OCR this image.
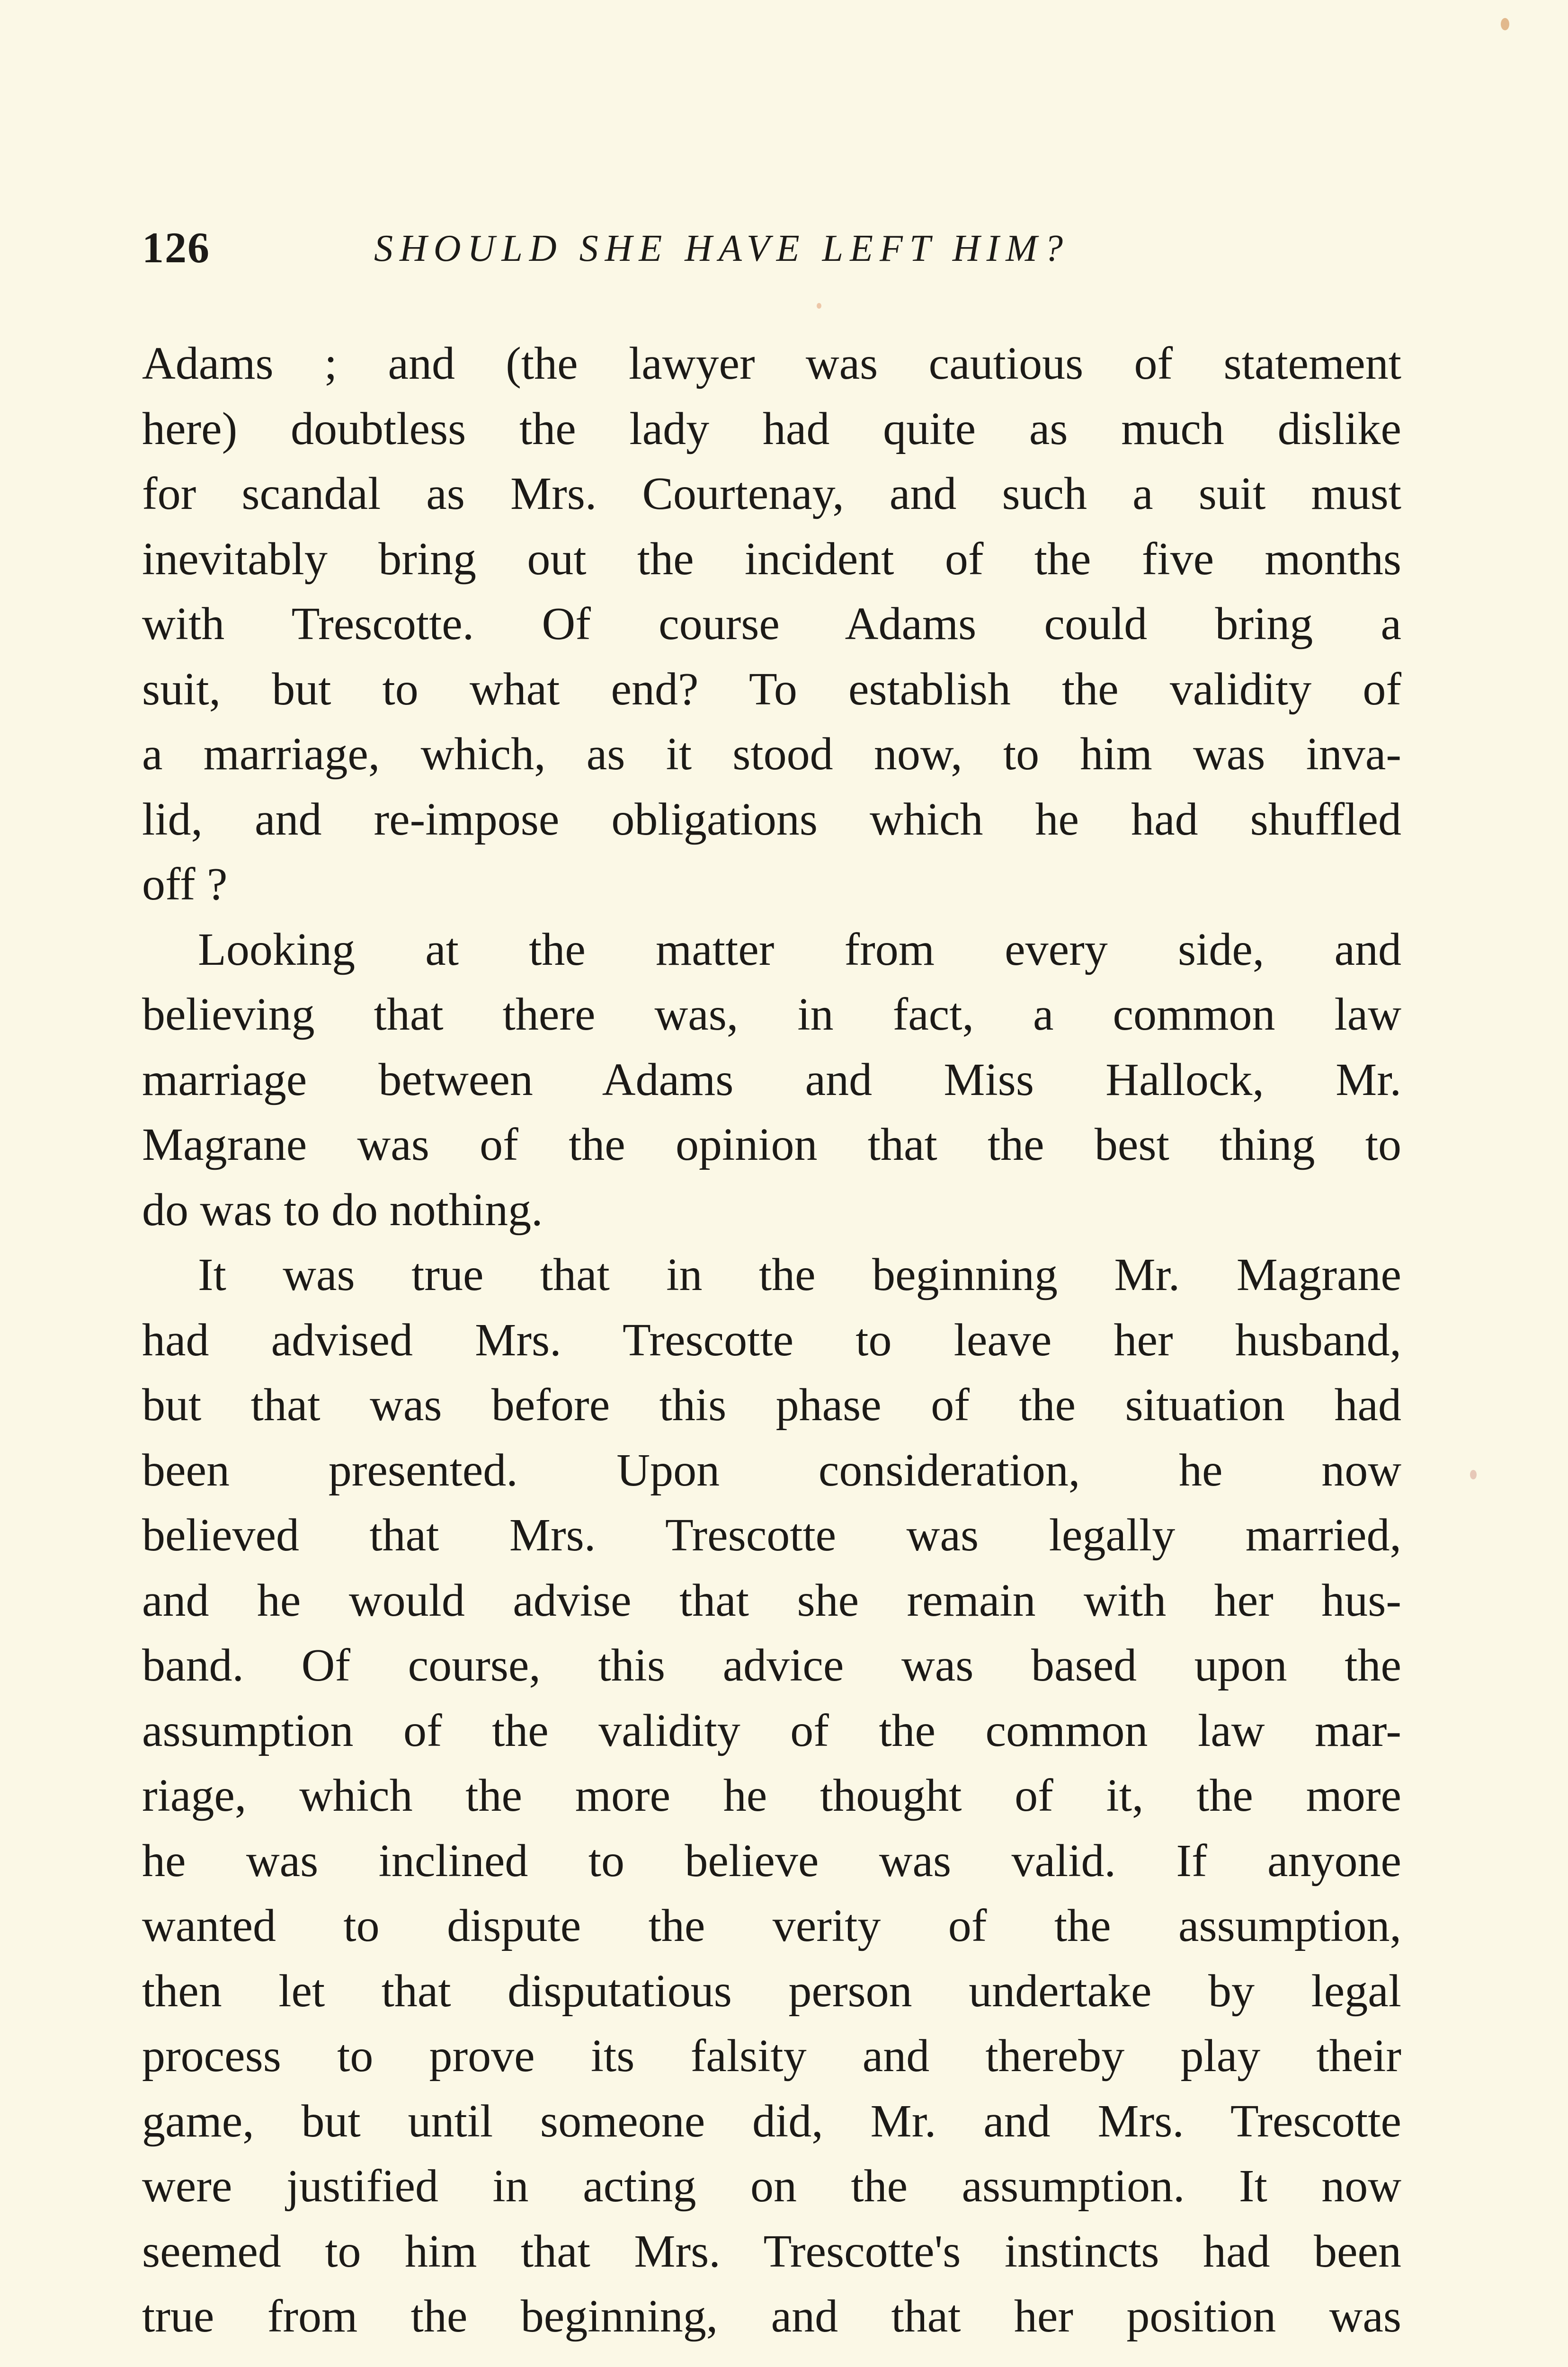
126	SHOULD SHE HAVE LEFT HIM?
Adams ; and (the lawyer was cautious of statement
here) doubtless the lady had quite as much dislike
for scandal as Mrs. Courtenay, and such a suit must
inevitably bring out the incident of the five months
with Trescotte. Of course Adams could bring a
suit, but to what end? To establish the validity of
a marriage, which, as it stood now, to him was inva-
lid, and re-impose obligations which he had shuffled
off ?
Looking at the matter from every side, and
believing that there was, in fact, a common law
marriage between Adams and Miss Hallock, Mr.
Magrane was of the opinion that the best thing to
do was to do nothing.
It was true that in the beginning Mr. Magrane
had advised Mrs. Trescotte to leave her husband,
but that was before this phase of the situation had
been presented. Upon consideration, he now
believed that Mrs. Trescotte was legally married,
and he would advise that she remain with her hus-
band. Of course, this advice was based upon the
assumption of the validity of the common law mar-
riage, which the more he thought of it, the more
he was inclined to believe was valid. If anyone
wanted to dispute the verity of the assumption,
then let that disputatious person undertake by legal
process to prove its falsity and thereby play their
game, but until someone did, Mr. and Mrs. Trescotte
were justified in acting on the assumption. It now
seemed to him that Mrs. Trescotte's instincts had been
true from the beginning, and that her position was
